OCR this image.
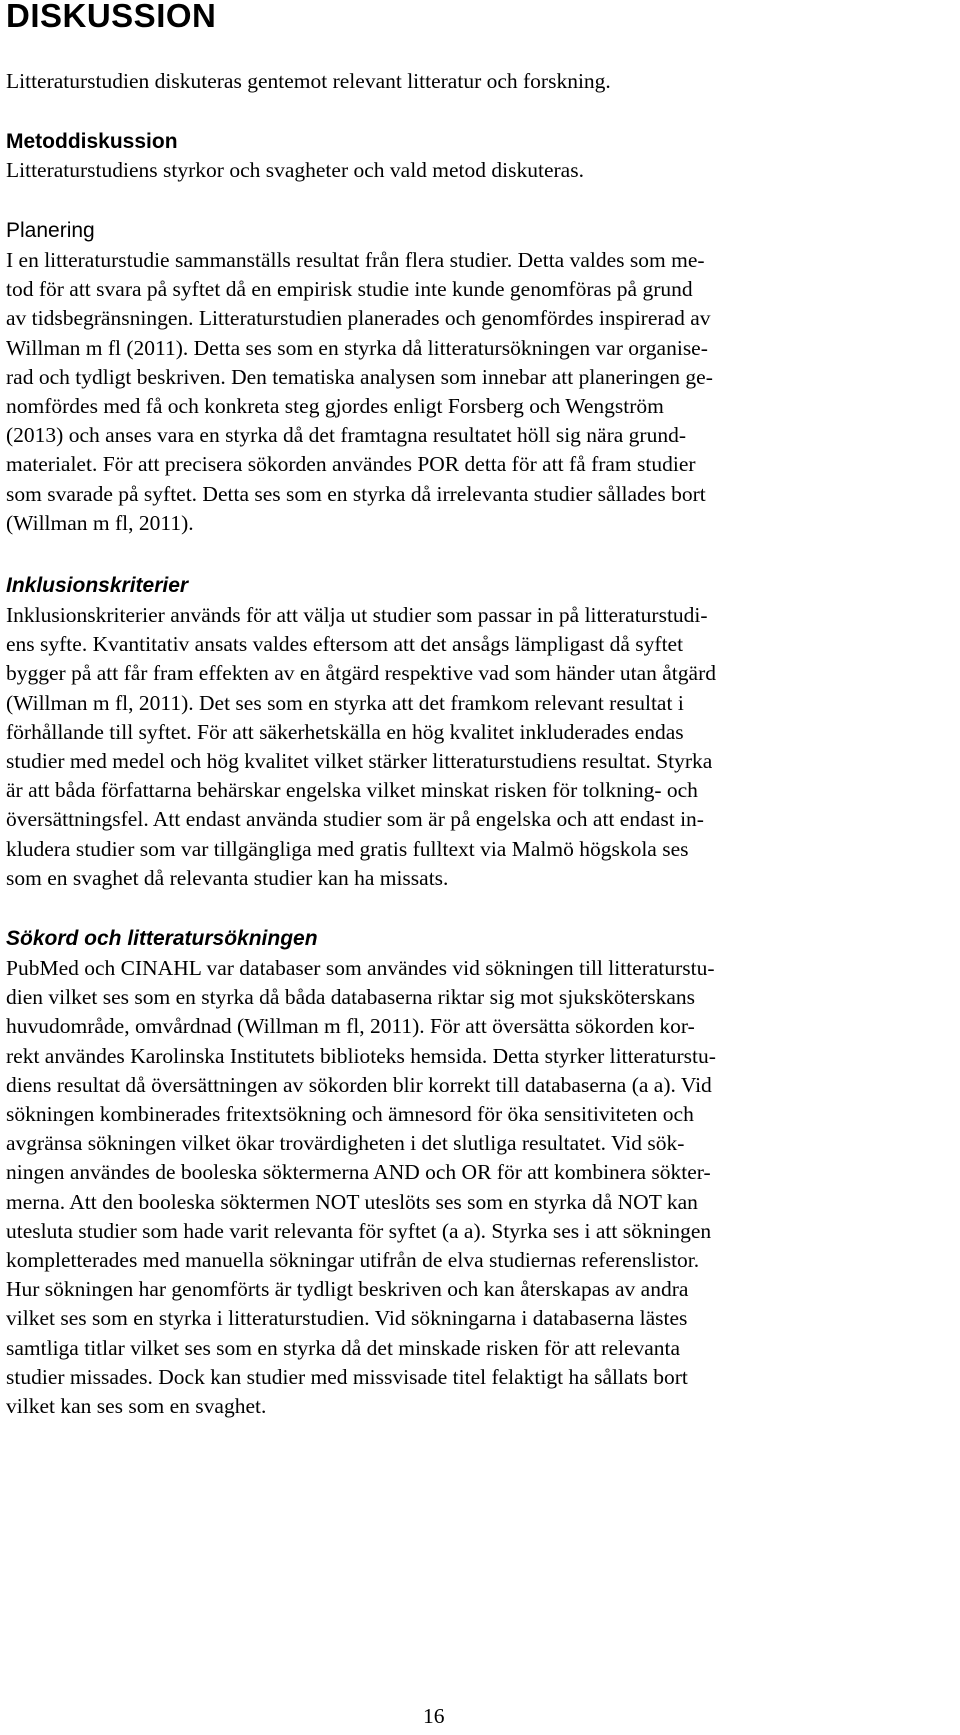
DISKUSSION

Litteraturstudien diskuteras gentemot relevant litteratur och forskning.

Metoddiskussion

Litteraturstudiens styrkor och svagheter och vald metod diskuteras.

Planering

I en litteraturstudie sammanställs resultat från flera studier. Detta valdes som me-
tod för att svara på syftet då en empirisk studie inte kunde genomföras på grund
av tidsbegränsningen. Litteraturstudien planerades och genomfördes inspirerad av
Willman m fl (2011). Detta ses som en styrka då litteratursökningen var organise-
rad och tydligt beskriven. Den tematiska analysen som innebar att planeringen ge-
nomfördes med få och konkreta steg gjordes enligt Forsberg och Wengström
(2013) och anses vara en styrka då det framtagna resultatet höll sig nära grund-
materialet. För att precisera sökorden användes POR detta för att få fram studier
som svarade på syftet. Detta ses som en styrka då irrelevanta studier sållades bort
(Willman m fl, 2011).

Inklusionskriterier

Inklusionskriterier används för att välja ut studier som passar in på litteraturstudi-
ens syfte. Kvantitativ ansats valdes eftersom att det ansågs lämpligast då syftet
bygger på att får fram effekten av en åtgärd respektive vad som händer utan åtgärd
(Willman m fl, 2011). Det ses som en styrka att det framkom relevant resultat i
förhållande till syftet. För att säkerhetskälla en hög kvalitet inkluderades endas
studier med medel och hög kvalitet vilket stärker litteraturstudiens resultat. Styrka
är att båda författarna behärskar engelska vilket minskat risken för tolkning- och
översättningsfel. Att endast använda studier som är på engelska och att endast in-
kludera studier som var tillgängliga med gratis fulltext via Malmö högskola ses
som en svaghet då relevanta studier kan ha missats.

Sökord och litteratursökningen

PubMed och CINAHL var databaser som användes vid sökningen till litteraturstu-
dien vilket ses som en styrka då båda databaserna riktar sig mot sjuksköterskans
huvudområde, omvårdnad (Willman m fl, 2011). För att översätta sökorden kor-
rekt användes Karolinska Institutets biblioteks hemsida. Detta styrker litteraturstu-
diens resultat då översättningen av sökorden blir korrekt till databaserna (a a). Vid
sökningen kombinerades fritextsökning och ämnesord för öka sensitiviteten och
avgränsa sökningen vilket ökar trovärdigheten i det slutliga resultatet. Vid sök-
ningen användes de booleska söktermerna AND och OR för att kombinera sökter-
merna. Att den booleska söktermen NOT uteslöts ses som en styrka då NOT kan
utesluta studier som hade varit relevanta för syftet (a a). Styrka ses i att sökningen
kompletterades med manuella sökningar utifrån de elva studiernas referenslistor.
Hur sökningen har genomförts är tydligt beskriven och kan återskapas av andra
vilket ses som en styrka i litteraturstudien. Vid sökningarna i databaserna lästes
samtliga titlar vilket ses som en styrka då det minskade risken för att relevanta
studier missades. Dock kan studier med missvisade titel felaktigt ha sållats bort
vilket kan ses som en svaghet.

16
